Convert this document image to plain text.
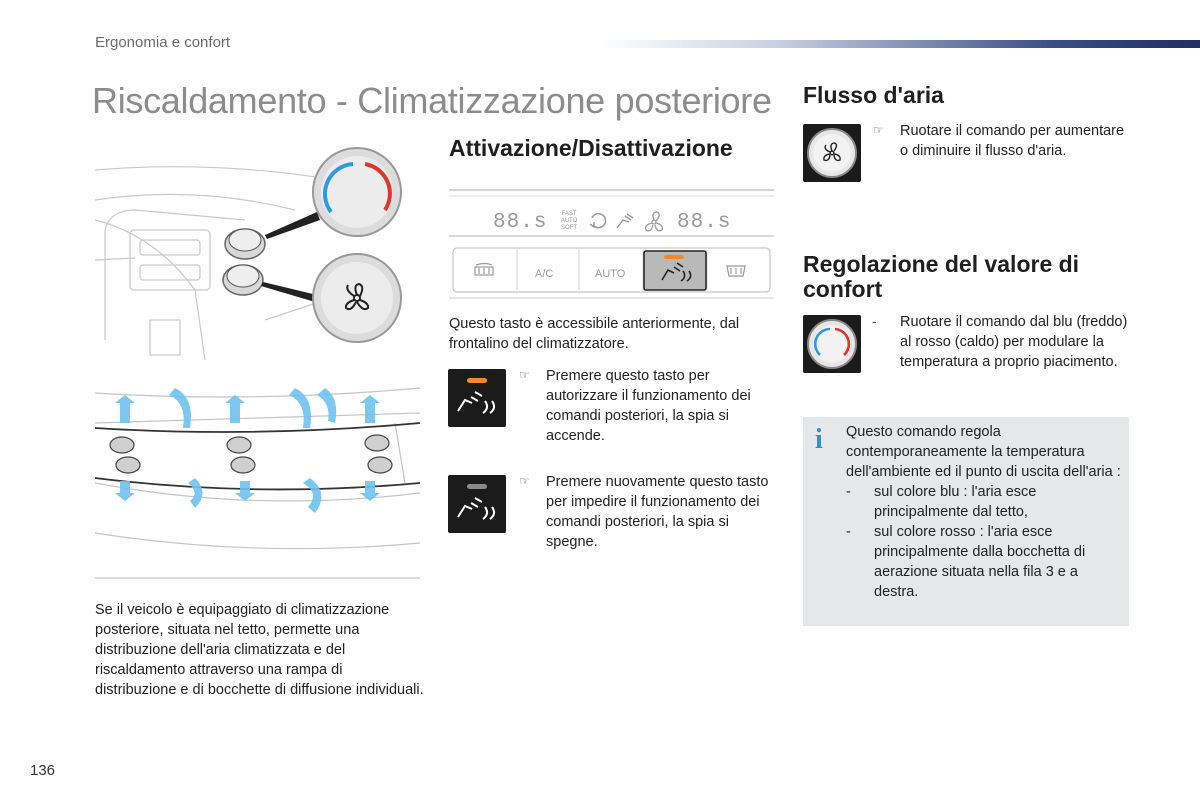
Ergonomia e confort
Riscaldamento - Climatizzazione posteriore
Se il veicolo è equipaggiato di climatizzazione posteriore, situata nel tetto, permette una distribuzione dell'aria climatizzata e del riscaldamento attraverso una rampa di distribuzione e di bocchette di diffusione individuali.
Attivazione/Disattivazione
88.s	88.s
FAST
AUTO
SOFT
A/C	AUTO
Questo tasto è accessibile anteriormente, dal frontalino del climatizzatore.
☞ Premere questo tasto per autorizzare il funzionamento dei comandi posteriori, la spia si accende.
☞ Premere nuovamente questo tasto per impedire il funzionamento dei comandi posteriori, la spia si spegne.
Flusso d'aria
☞ Ruotare il comando per aumentare o diminuire il flusso d'aria.
Regolazione del valore di confort
- Ruotare il comando dal blu (freddo) al rosso (caldo) per modulare la temperatura a proprio piacimento.
i Questo comando regola contemporaneamente la temperatura dell'ambiente ed il punto di uscita dell'aria :
-	sul colore blu : l'aria esce principalmente dal tetto,
-	sul colore rosso : l'aria esce principalmente dalla bocchetta di aerazione situata nella fila 3 e a destra.
136
